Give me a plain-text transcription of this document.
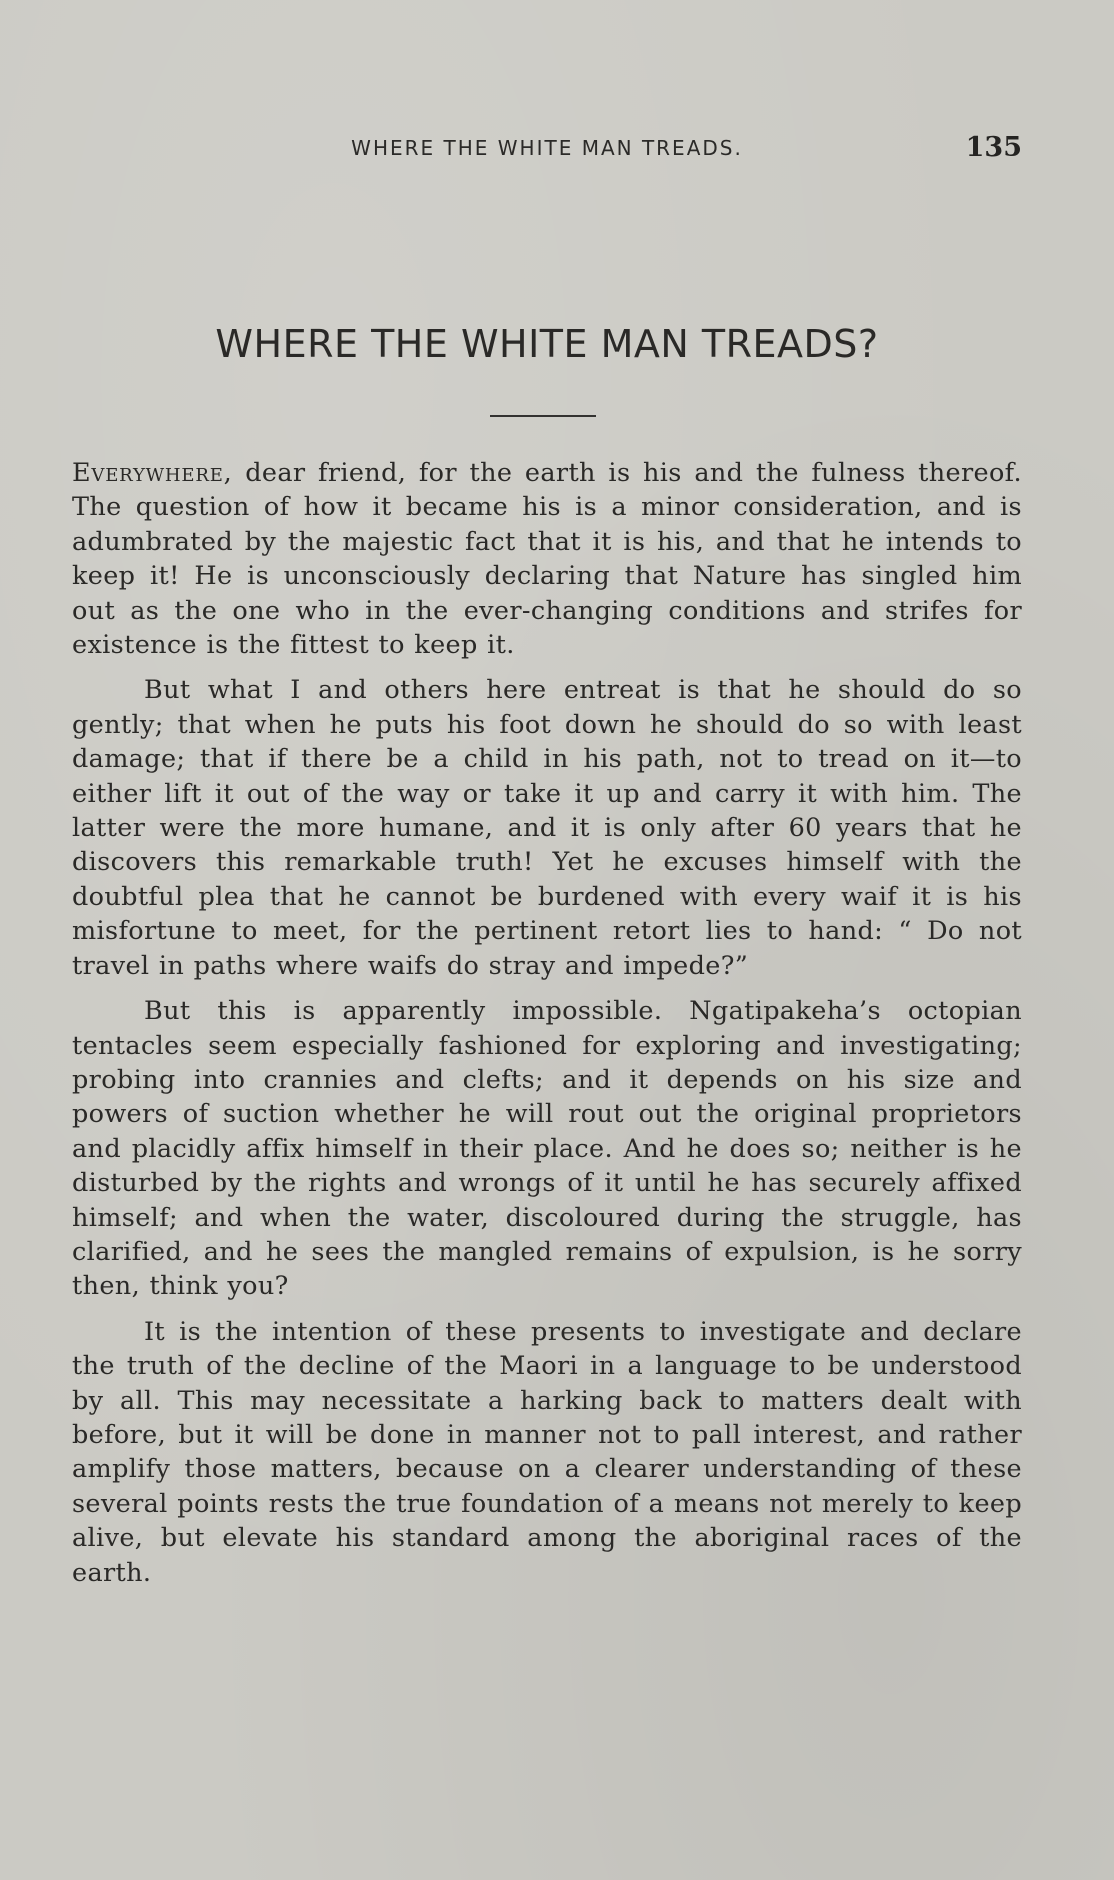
WHERE THE WHITE MAN TREADS.	135
WHERE THE WHITE MAN TREADS?

Everywhere, dear friend, for the earth is his and the fulness thereof. The question of how it became his is a minor consideration, and is adumbrated by the majestic fact that it is his, and that he intends to keep it! He is unconsciously declaring that Nature has singled him out as the one who in the ever-changing conditions and strifes for existence is the fittest to keep it.

But what I and others here entreat is that he should do so gently; that when he puts his foot down he should do so with least damage; that if there be a child in his path, not to tread on it—to either lift it out of the way or take it up and carry it with him. The latter were the more humane, and it is only after 60 years that he discovers this remarkable truth! Yet he excuses himself with the doubtful plea that he cannot be burdened with every waif it is his misfortune to meet, for the pertinent retort lies to hand: “ Do not travel in paths where waifs do stray and impede?”

But this is apparently impossible. Ngatipakeha’s octopian tentacles seem especially fashioned for exploring and investigating; probing into crannies and clefts; and it depends on his size and powers of suction whether he will rout out the original proprietors and placidly affix himself in their place. And he does so; neither is he disturbed by the rights and wrongs of it until he has securely affixed himself; and when the water, discoloured during the struggle, has clarified, and he sees the mangled remains of expulsion, is he sorry then, think you?

It is the intention of these presents to investigate and declare the truth of the decline of the Maori in a language to be understood by all. This may necessitate a harking back to matters dealt with before, but it will be done in manner not to pall interest, and rather amplify those matters, because on a clearer understanding of these several points rests the true foundation of a means not merely to keep alive, but elevate his standard among the aboriginal races of the earth.
